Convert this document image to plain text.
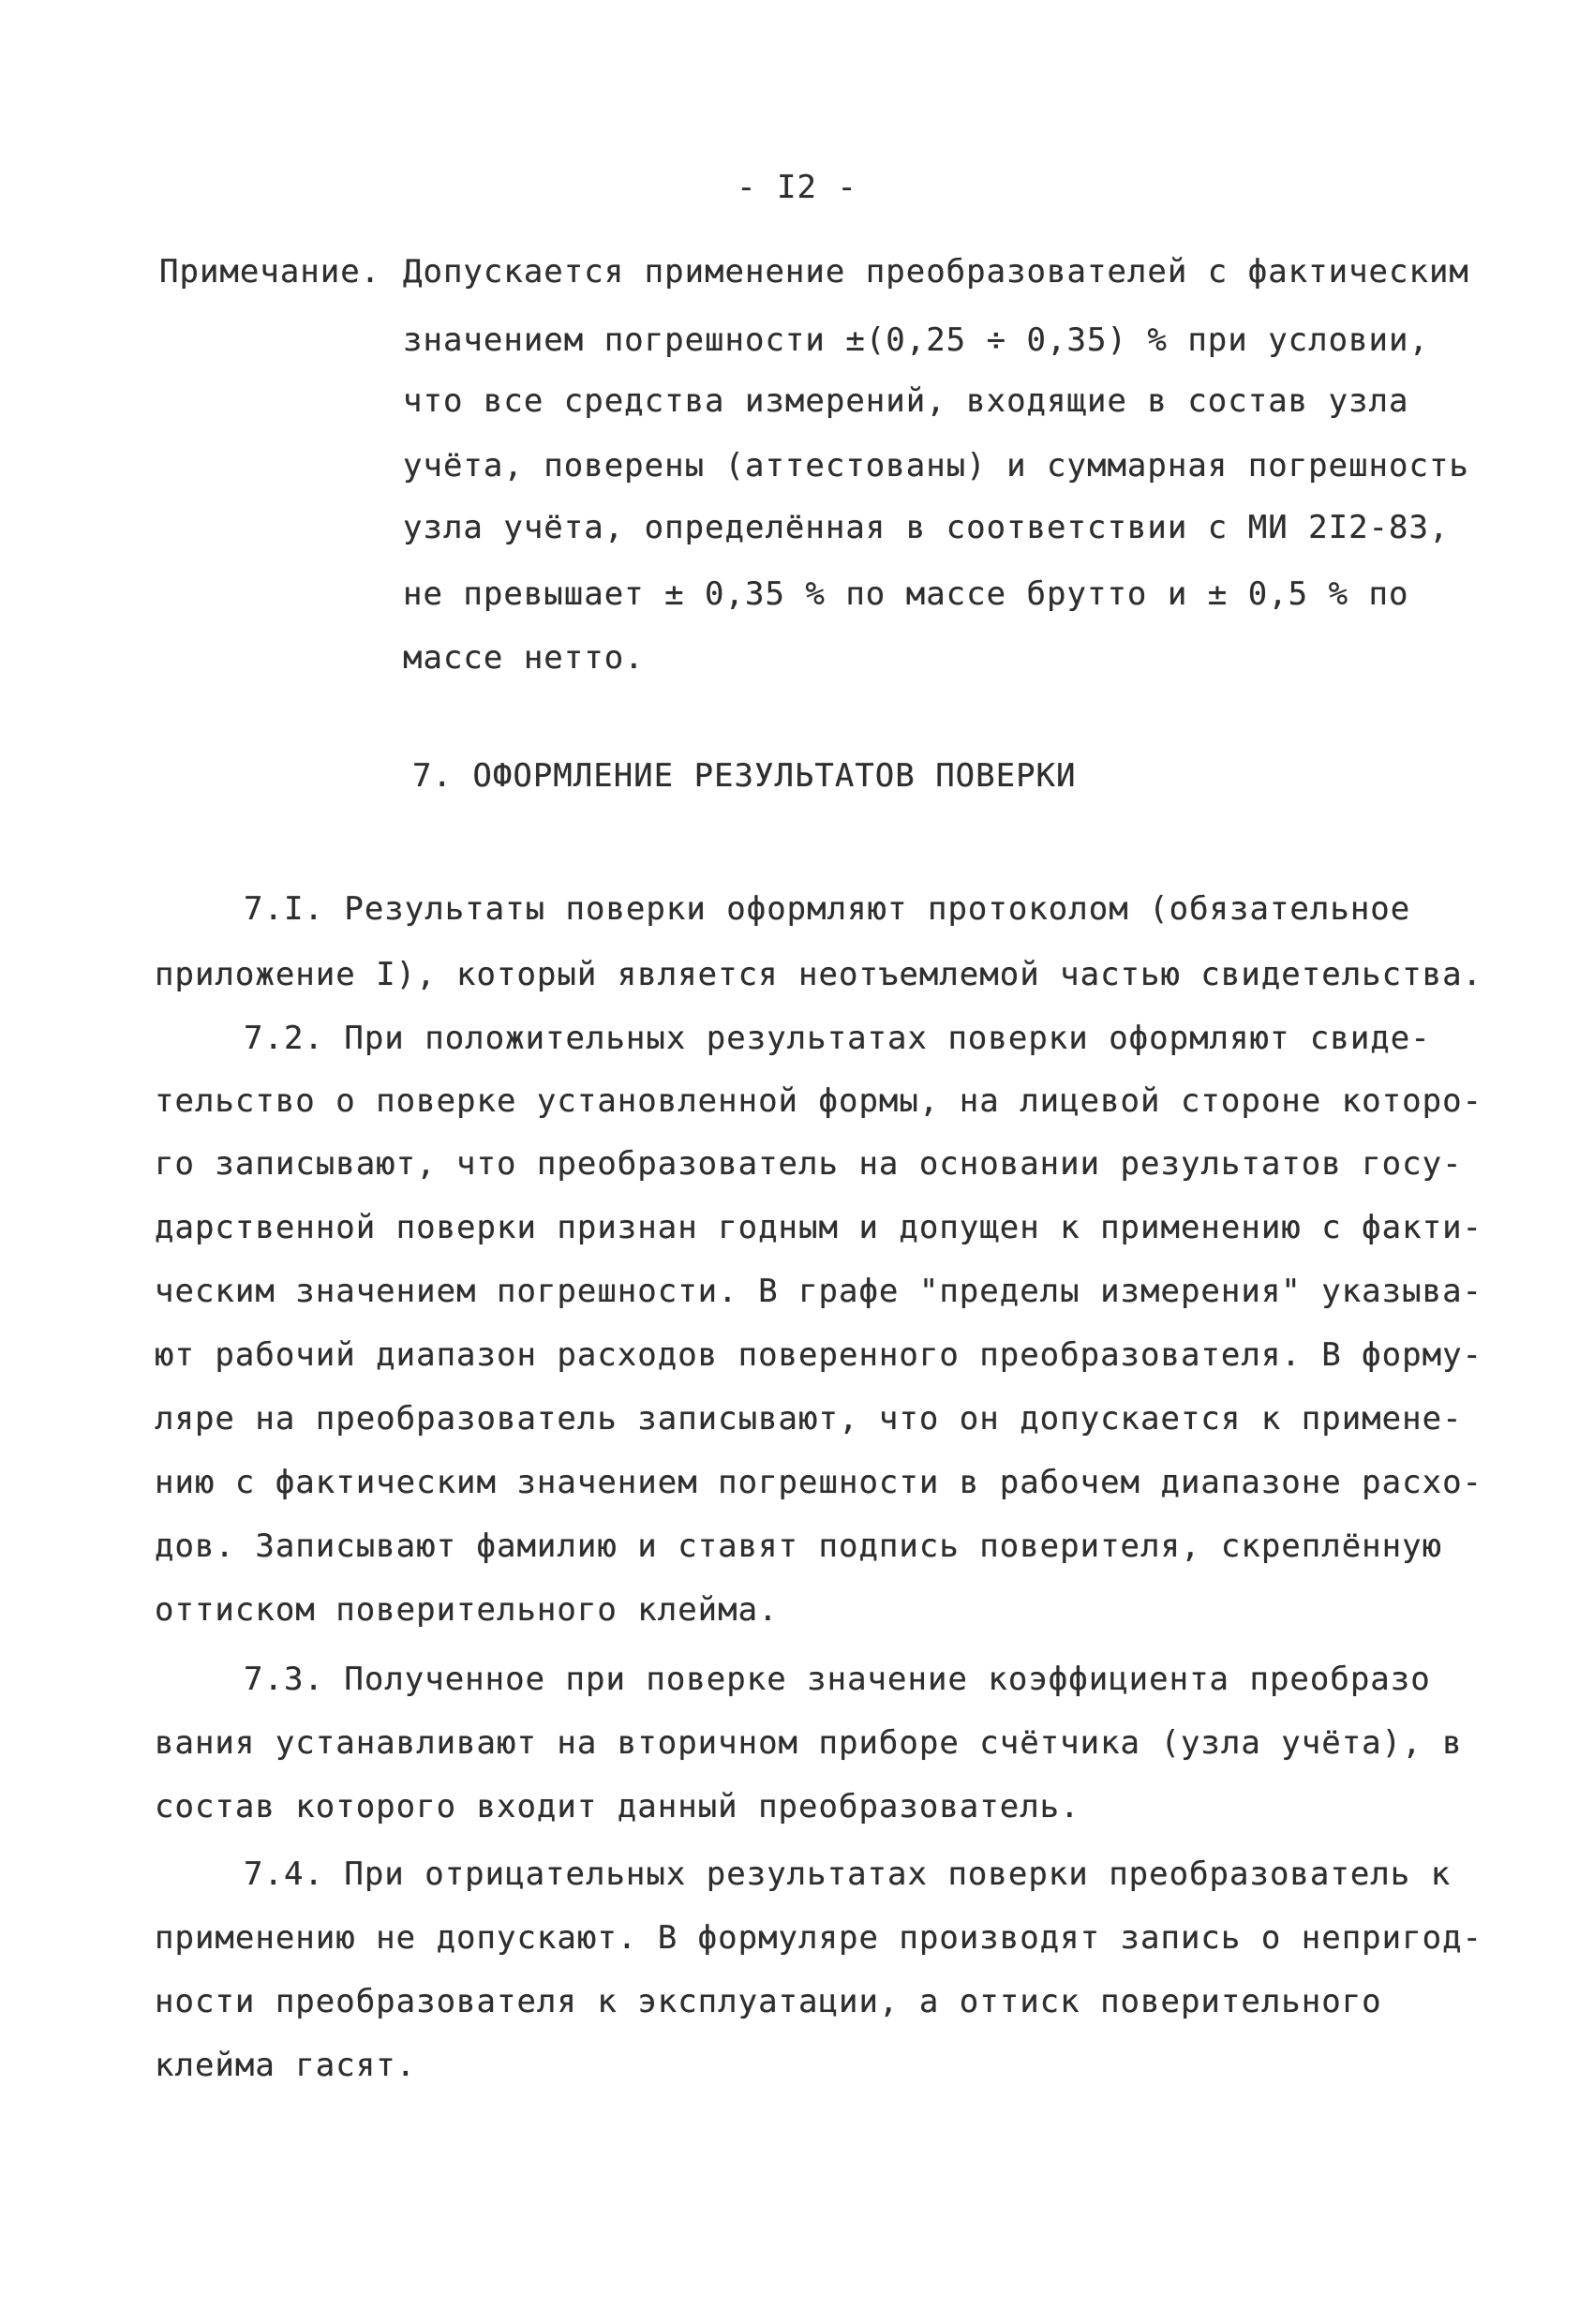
- I2 -
Примечание. Допускается применение преобразователей с фактическим
значением погрешности ±(0,25 ÷ 0,35) % при условии,
что все средства измерений, входящие в состав узла
учёта, поверены (аттестованы) и суммарная погрешность
узла учёта, определённая в соответствии с МИ 2I2-83,
не превышает ± 0,35 % по массе брутто и ± 0,5 % по
массе нетто.
7. ОФОРМЛЕНИЕ РЕЗУЛЬТАТОВ ПОВЕРКИ
7.I. Результаты поверки оформляют протоколом (обязательное
приложение I), который является неотъемлемой частью свидетельства.
7.2. При положительных результатах поверки оформляют свиде-
тельство о поверке установленной формы, на лицевой стороне которо-
го записывают, что преобразователь на основании результатов госу-
дарственной поверки признан годным и допущен к применению с факти-
ческим значением погрешности. В графе "пределы измерения" указыва-
ют рабочий диапазон расходов поверенного преобразователя. В форму-
ляре на преобразователь записывают, что он допускается к примене-
нию с фактическим значением погрешности в рабочем диапазоне расхо-
дов. Записывают фамилию и ставят подпись поверителя, скреплённую
оттиском поверительного клейма.
7.3. Полученное при поверке значение коэффициента преобразо
вания устанавливают на вторичном приборе счётчика (узла учёта), в
состав которого входит данный преобразователь.
7.4. При отрицательных результатах поверки преобразователь к
применению не допускают. В формуляре производят запись о непригод-
ности преобразователя к эксплуатации, а оттиск поверительного
клейма гасят.
